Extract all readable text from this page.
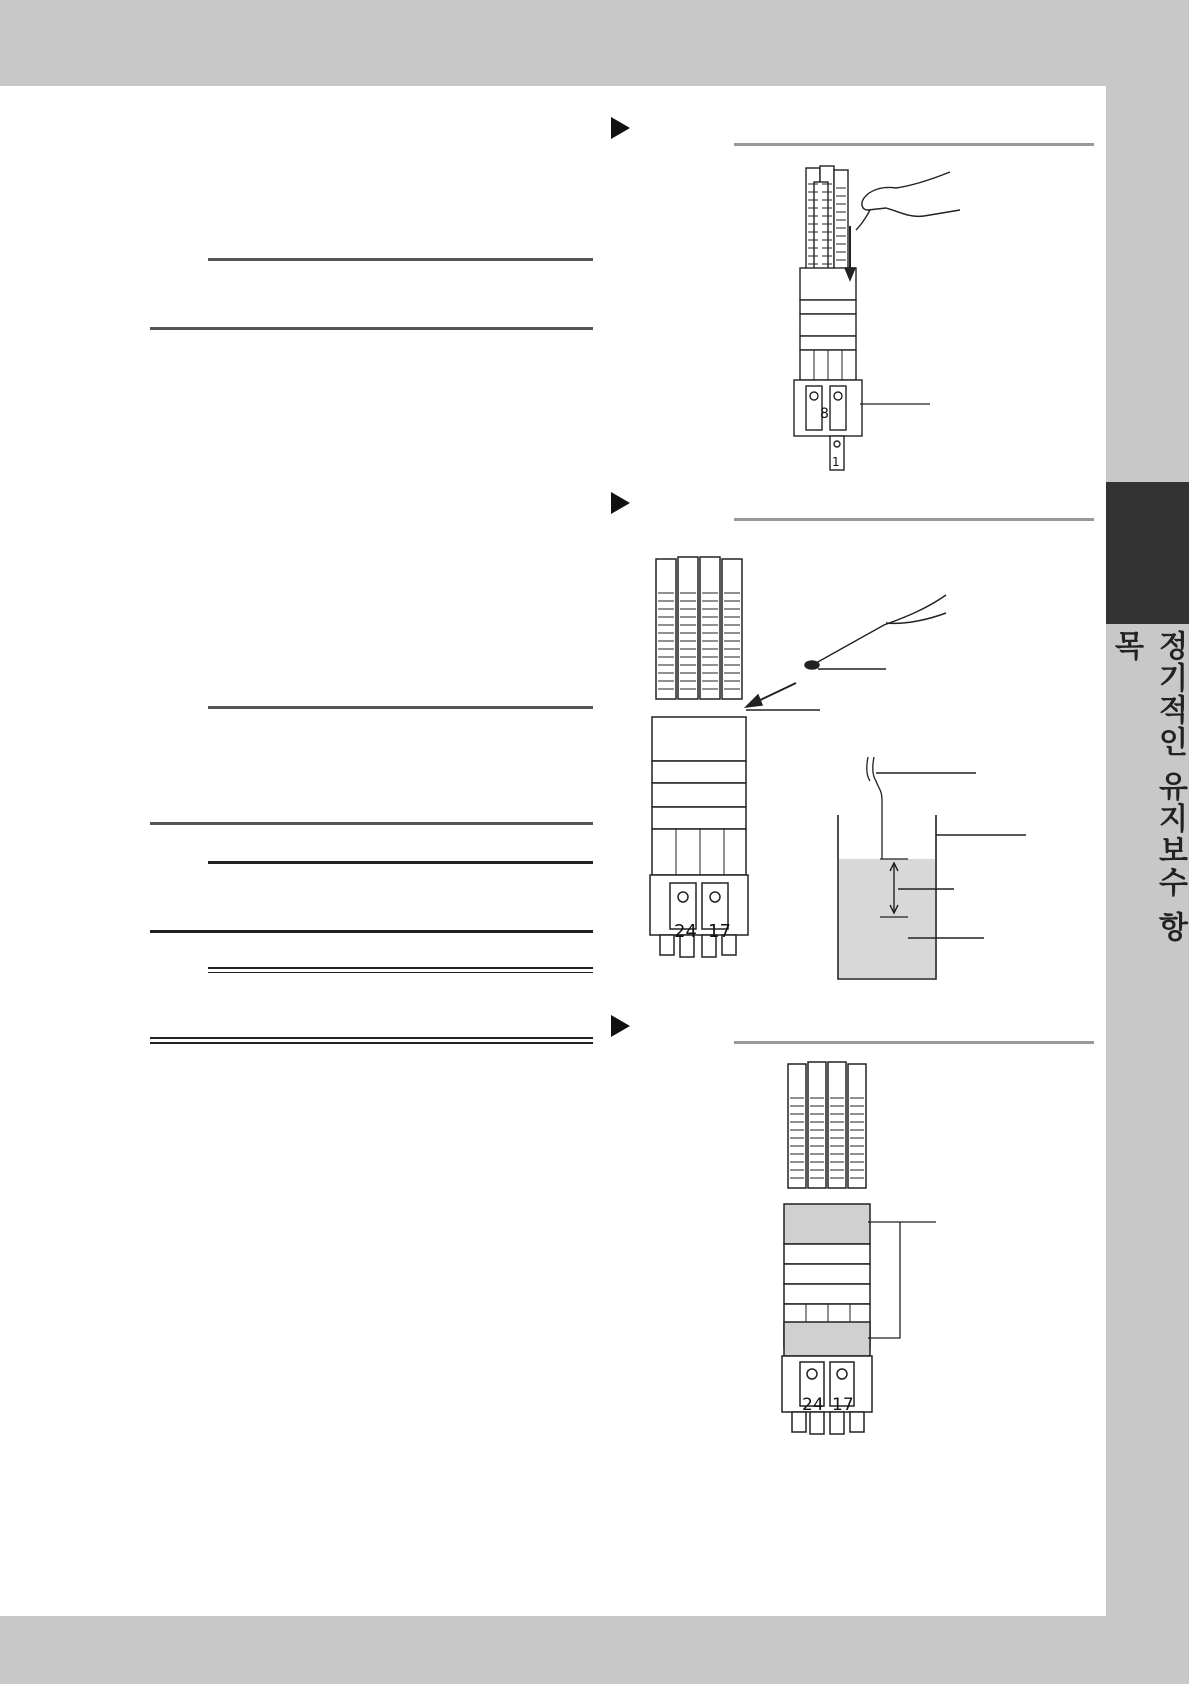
정기적인 유지보수 항목
8
1
24 17
24 17
